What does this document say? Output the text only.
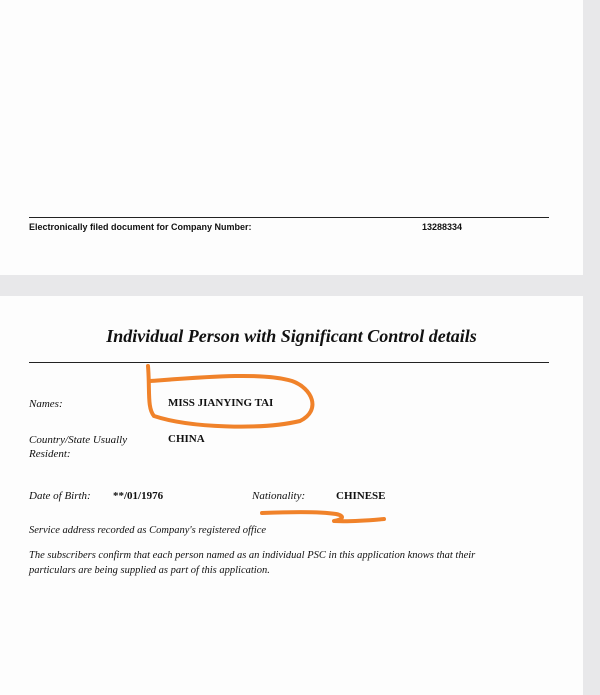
Electronically filed document for Company Number:	13288334
Individual Person with Significant Control details
Names:	MISS JIANYING TAI
Country/State Usually
Resident:
CHINA
Date of Birth: **/01/1976	Nationality:	CHINESE
Service address recorded as Company's registered office
The subscribers confirm that each person named as an individual PSC in this application knows that their
particulars are being supplied as part of this application.
